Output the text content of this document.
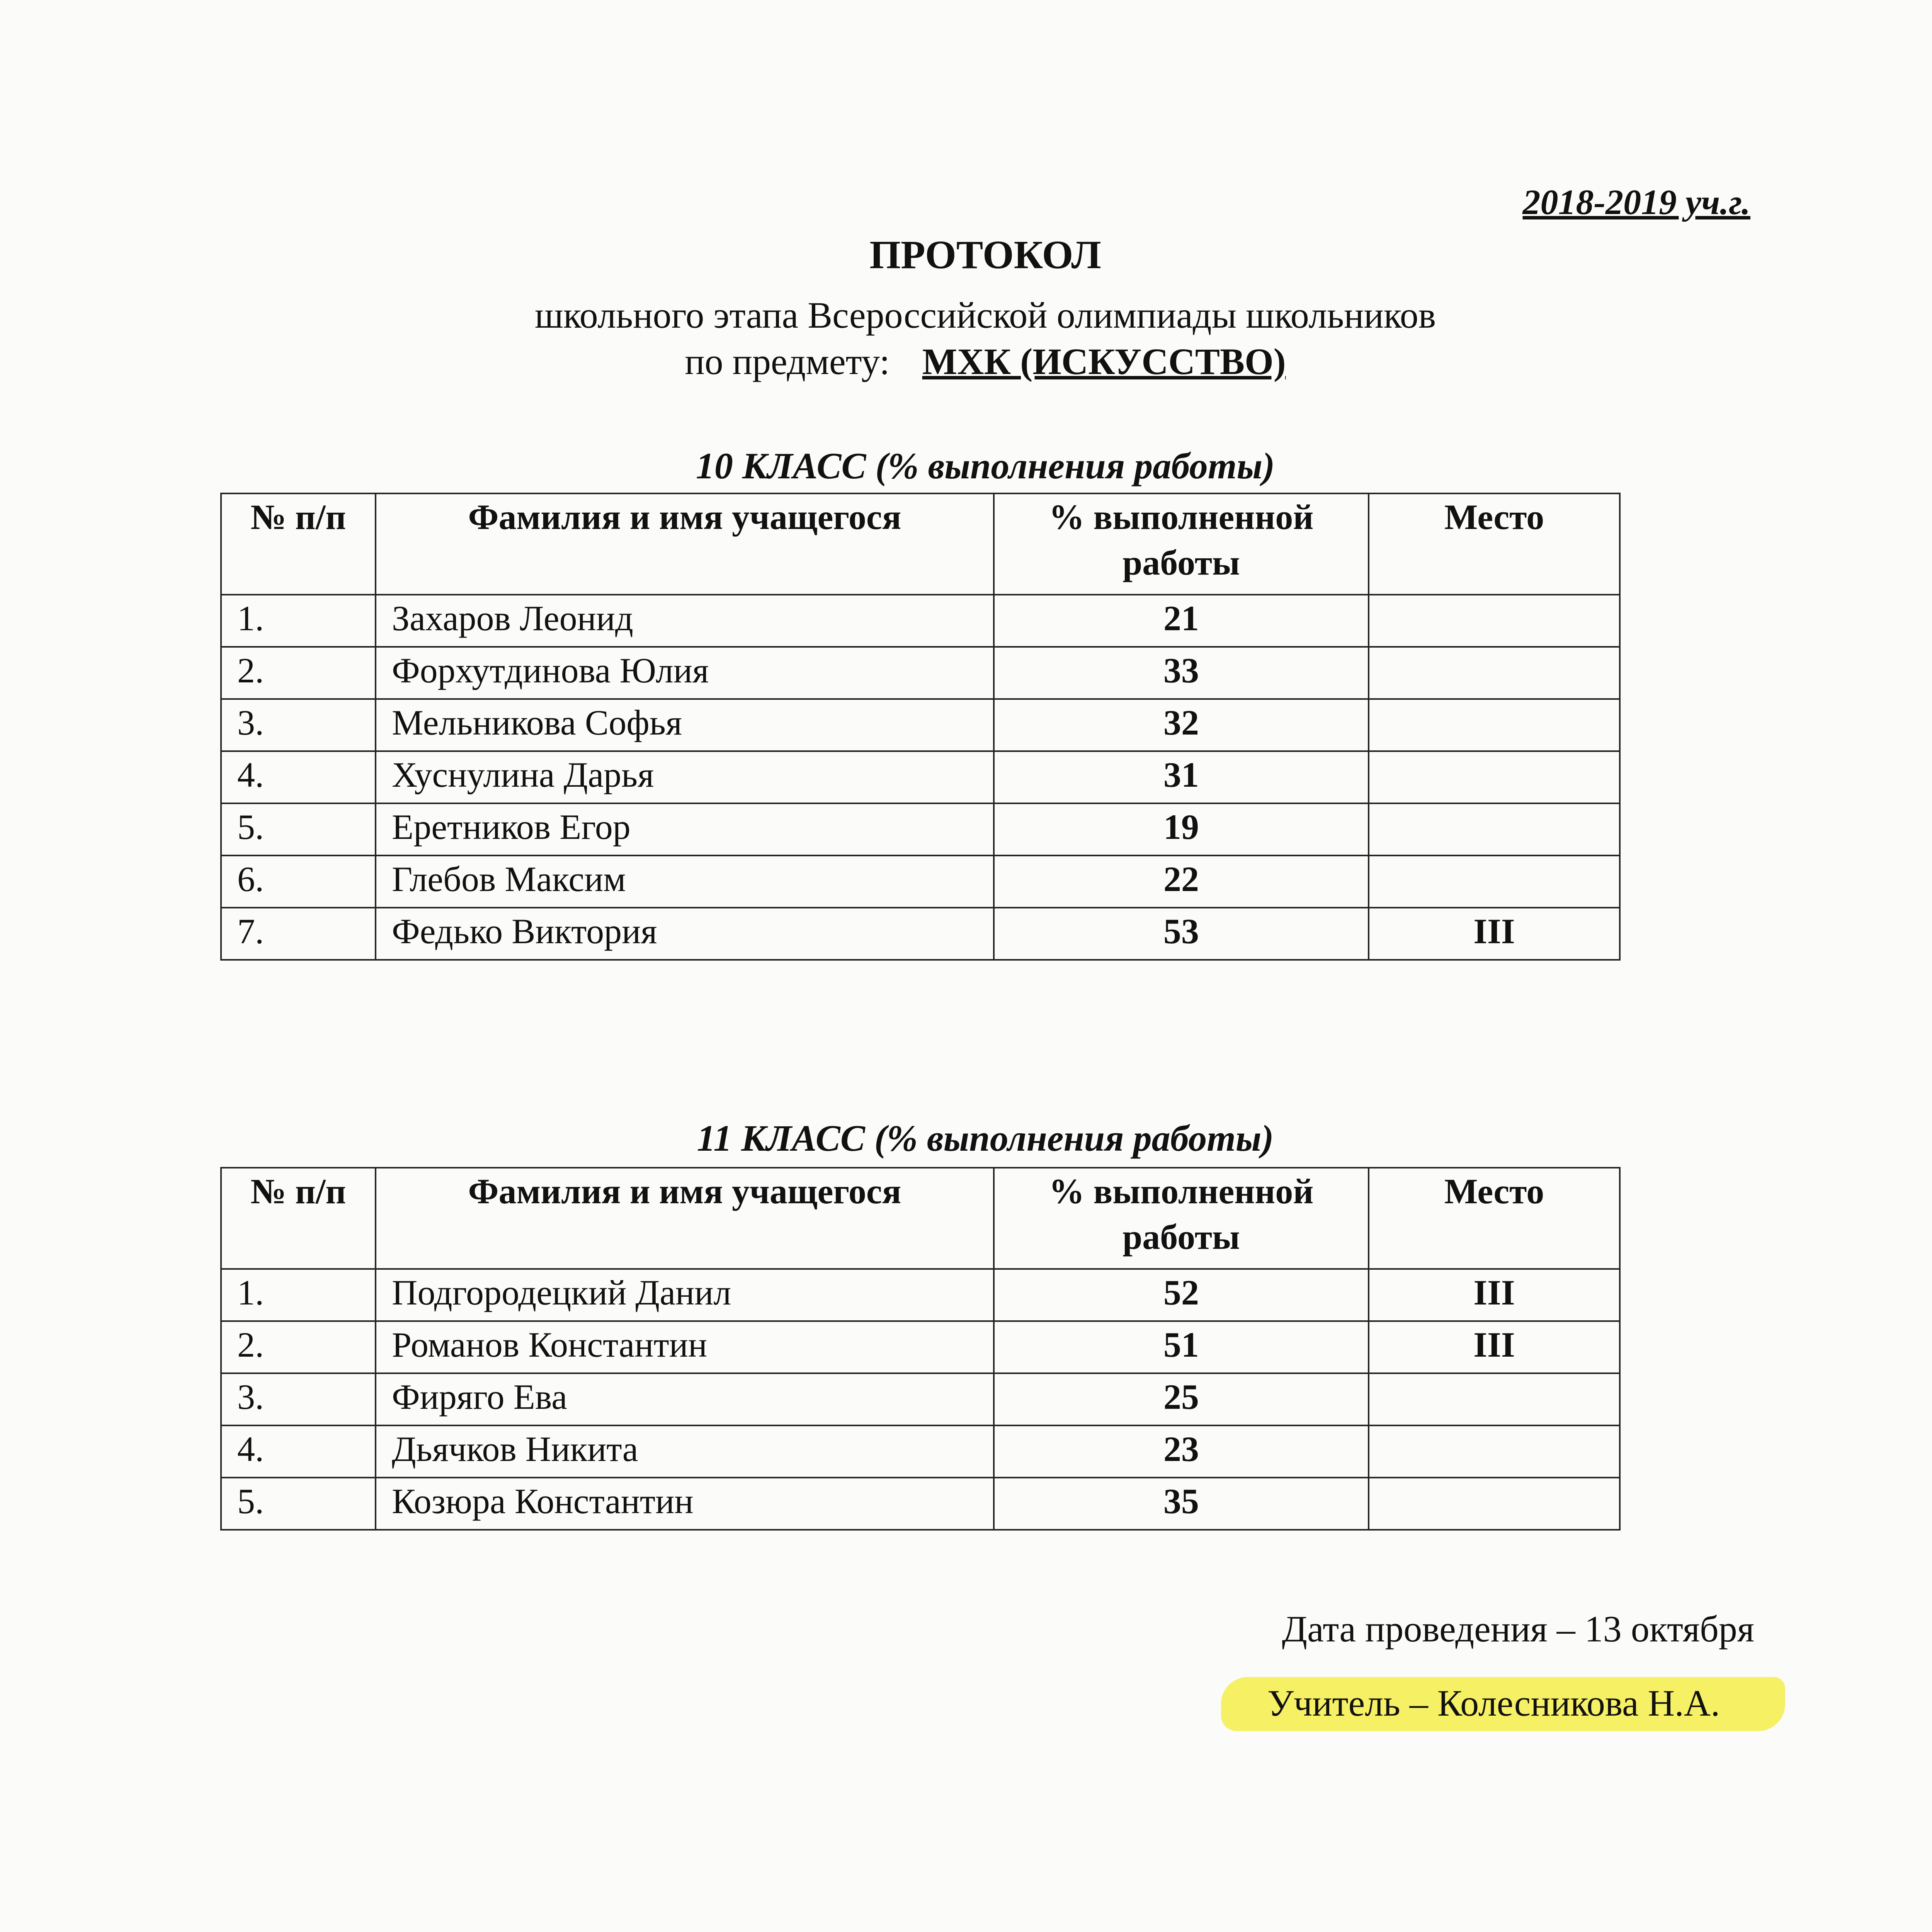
2018-2019 уч.г.
ПРОТОКОЛ
школьного этапа Всероссийской олимпиады школьников
по предмету: МХК (ИСКУССТВО)
10 КЛАСС (% выполнения работы)
№ п/п	Фамилия и имя учащегося	% выполненной работы	Место
1.	Захаров Леонид	21	
2.	Форхутдинова Юлия	33	
3.	Мельникова Софья	32	
4.	Хуснулина Дарья	31	
5.	Еретников Егор	19	
6.	Глебов Максим	22	
7.	Федько Виктория	53	III
11 КЛАСС (% выполнения работы)
№ п/п	Фамилия и имя учащегося	% выполненной работы	Место
1.	Подгородецкий Данил	52	III
2.	Романов Константин	51	III
3.	Фиряго Ева	25	
4.	Дьячков Никита	23	
5.	Козюра Константин	35	
Дата проведения – 13 октября
Учитель – Колесникова Н.А.
